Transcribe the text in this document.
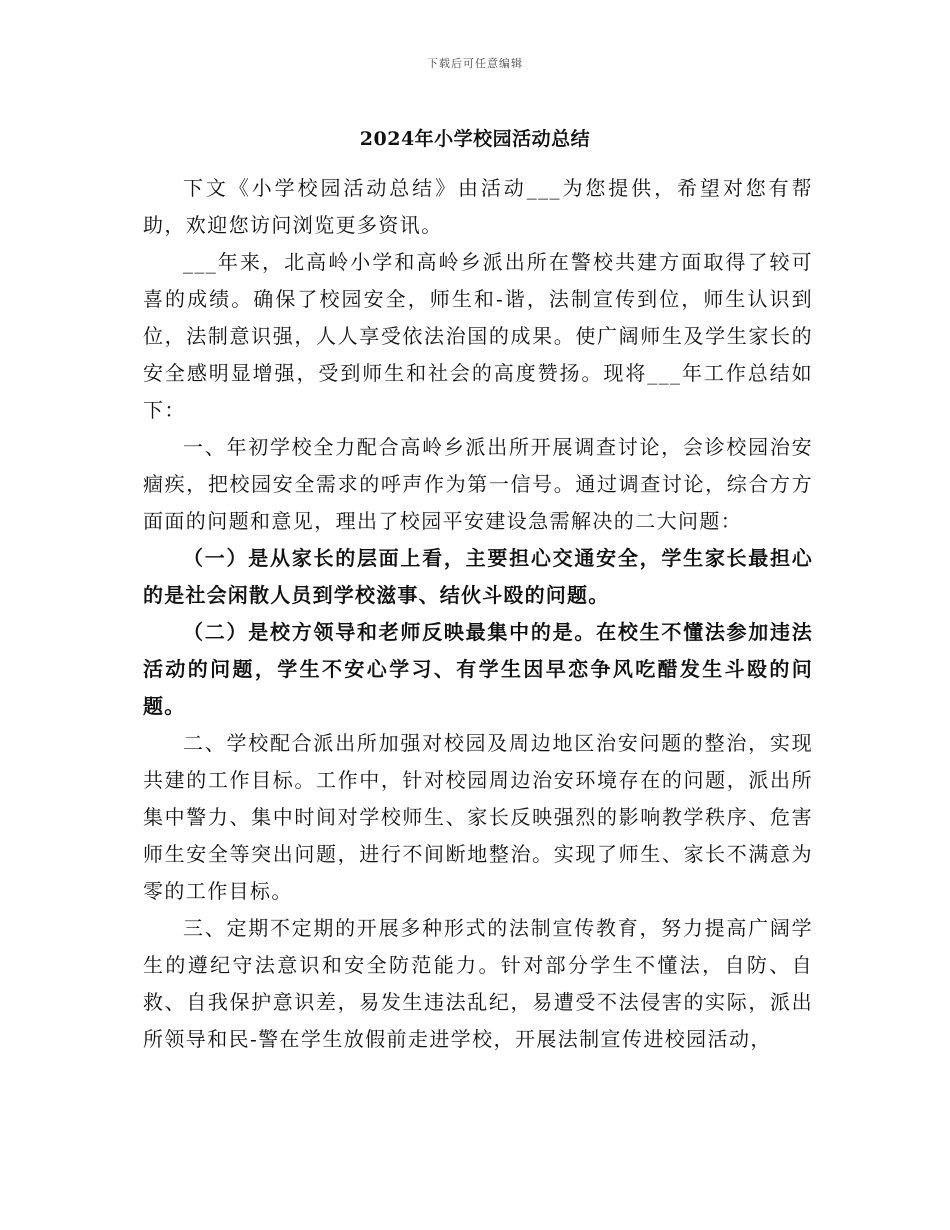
下载后可任意编辑
2024年小学校园活动总结

下文《小学校园活动总结》由活动___为您提供，希望对您有帮助，欢迎您访问浏览更多资讯。

___年来，北高岭小学和高岭乡派出所在警校共建方面取得了较可喜的成绩。确保了校园安全，师生和-谐，法制宣传到位，师生认识到位，法制意识强，人人享受依法治国的成果。使广阔师生及学生家长的安全感明显增强，受到师生和社会的高度赞扬。现将___年工作总结如下：

一、年初学校全力配合高岭乡派出所开展调查讨论，会诊校园治安痼疾，把校园安全需求的呼声作为第一信号。通过调查讨论，综合方方面面的问题和意见，理出了校园平安建设急需解决的二大问题：

（一）是从家长的层面上看，主要担心交通安全，学生家长最担心的是社会闲散人员到学校滋事、结伙斗殴的问题。

（二）是校方领导和老师反映最集中的是。在校生不懂法参加违法活动的问题，学生不安心学习、有学生因早恋争风吃醋发生斗殴的问题。

二、学校配合派出所加强对校园及周边地区治安问题的整治，实现共建的工作目标。工作中，针对校园周边治安环境存在的问题，派出所集中警力、集中时间对学校师生、家长反映强烈的影响教学秩序、危害师生安全等突出问题，进行不间断地整治。实现了师生、家长不满意为零的工作目标。

三、定期不定期的开展多种形式的法制宣传教育，努力提高广阔学生的遵纪守法意识和安全防范能力。针对部分学生不懂法，自防、自救、自我保护意识差，易发生违法乱纪，易遭受不法侵害的实际，派出所领导和民-警在学生放假前走进学校，开展法制宣传进校园活动，
